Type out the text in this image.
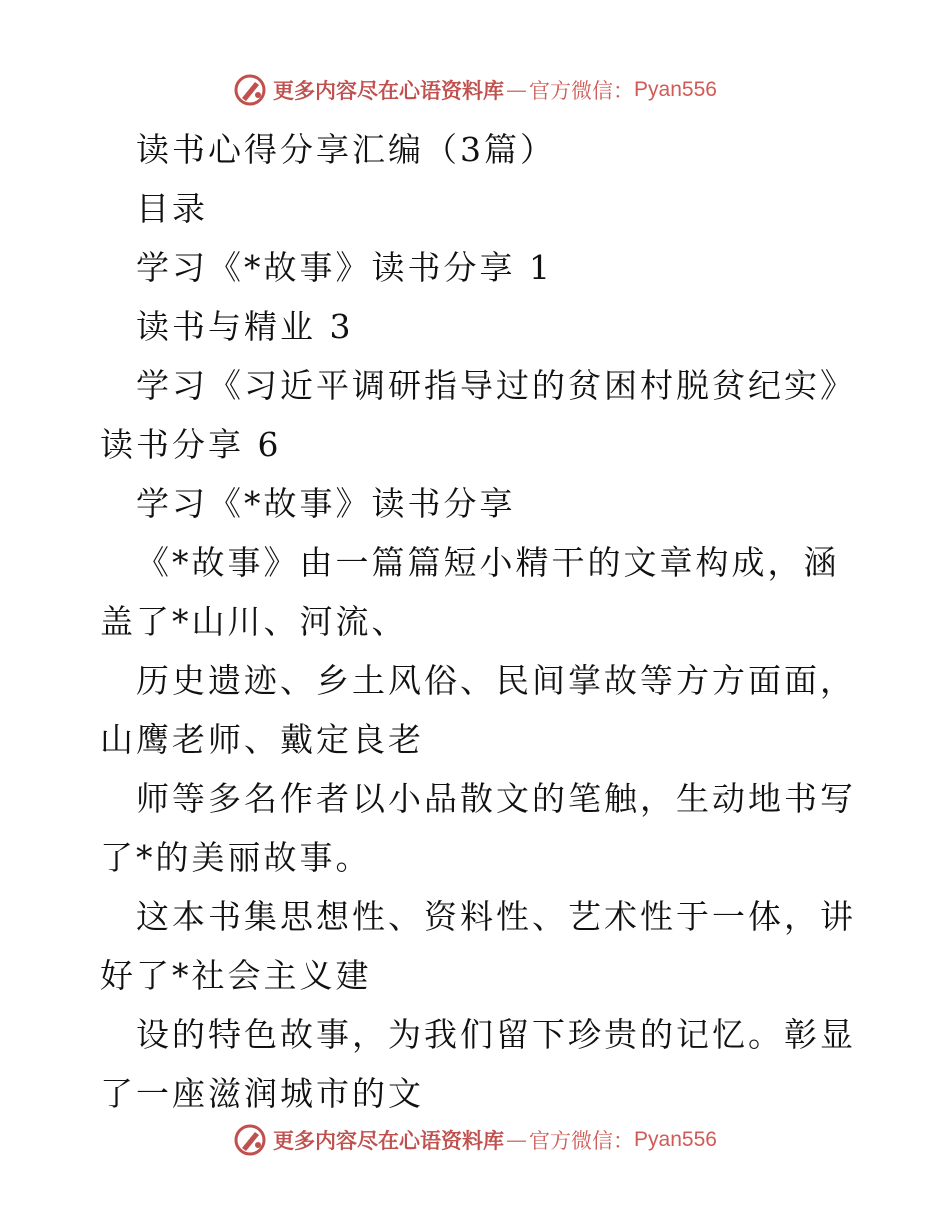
更多内容尽在心语资料库 — 官方微信： Pyan556

读书心得分享汇编（3篇）

目录

学习《*故事》读书分享 1

读书与精业 3

学习《习近平调研指导过的贫困村脱贫纪实》读书分享 6

学习《*故事》读书分享

《*故事》由一篇篇短小精干的文章构成，涵盖了*山川、河流、

历史遗迹、乡土风俗、民间掌故等方方面面，山鹰老师、戴定良老

师等多名作者以小品散文的笔触，生动地书写了*的美丽故事。

这本书集思想性、资料性、艺术性于一体，讲好了*社会主义建

设的特色故事，为我们留下珍贵的记忆。彰显了一座滋润城市的文

更多内容尽在心语资料库 — 官方微信： Pyan556
